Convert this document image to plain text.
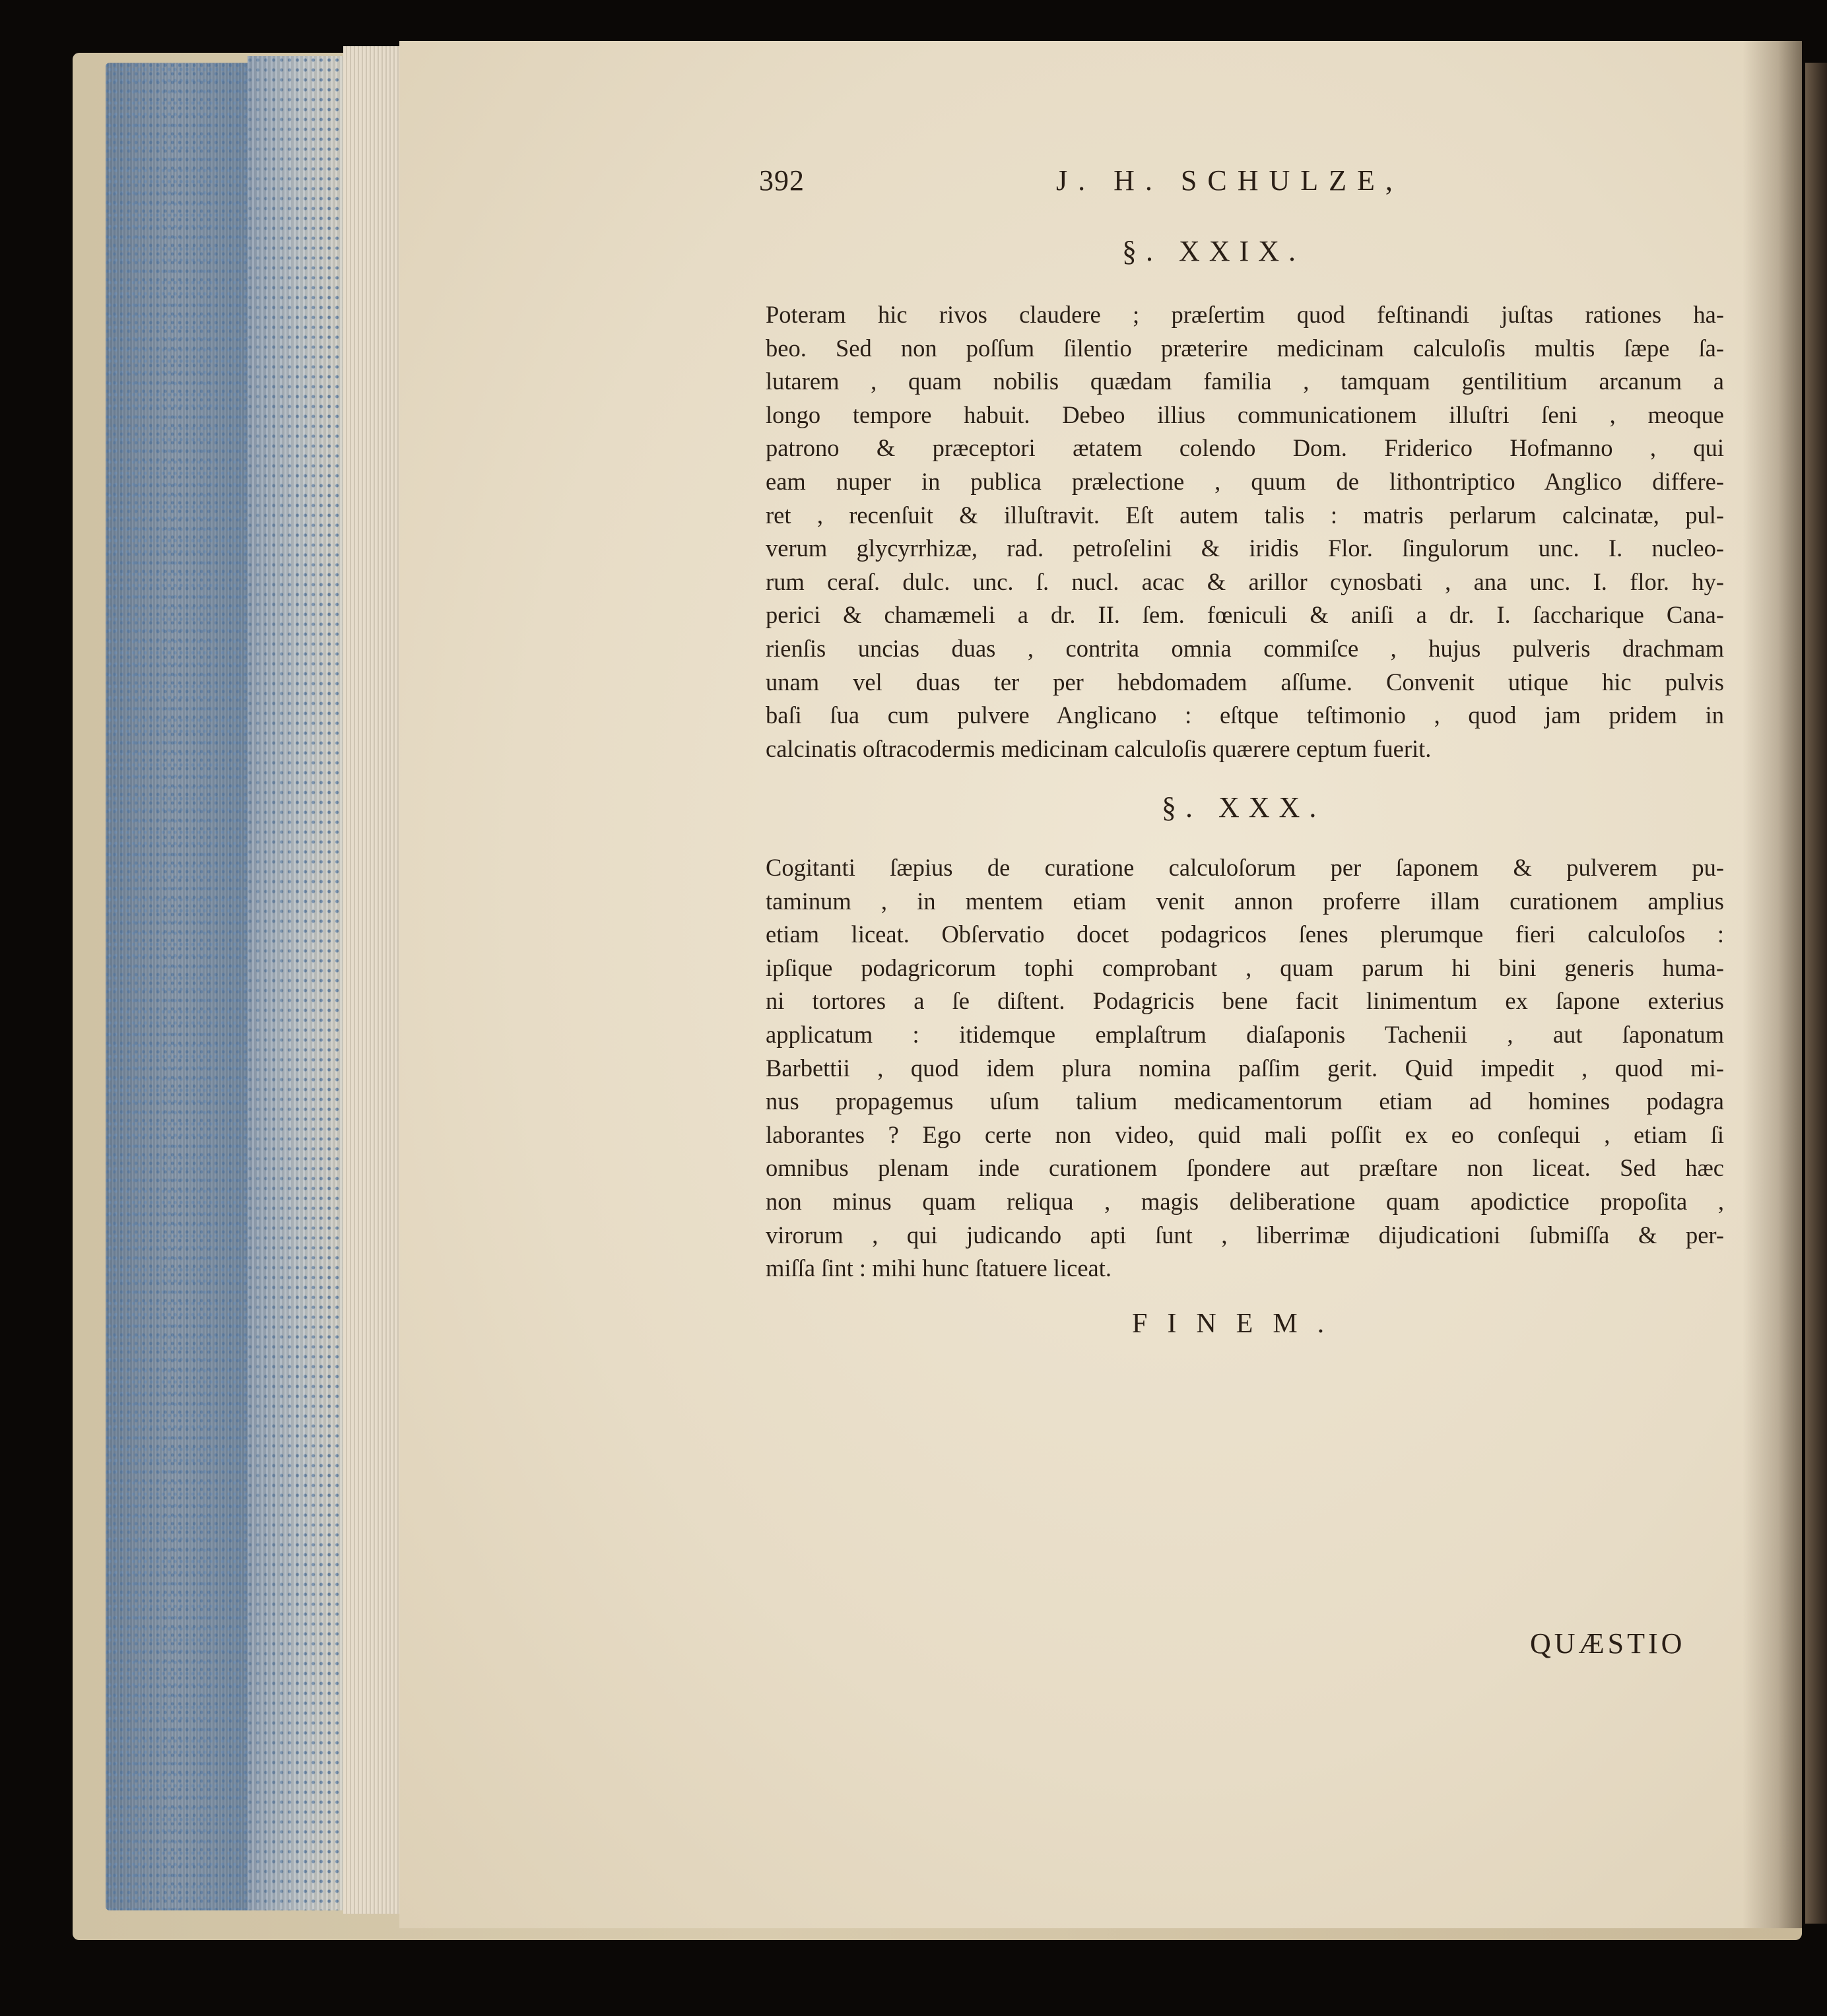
392	J. H. SCHULZE,
§. XXIX.
Poteram hic rivos claudere ; præſertim quod feſtinandi juſtas rationes ha-
beo. Sed non poſſum ſilentio præterire medicinam calculoſis multis ſæpe ſa-
lutarem , quam nobilis quædam familia , tamquam gentilitium arcanum a
longo tempore habuit. Debeo illius communicationem illuſtri ſeni , meoque
patrono & præceptori ætatem colendo Dom. Friderico Hofmanno , qui
eam nuper in publica prælectione , quum de lithontriptico Anglico differe-
ret , recenſuit & illuſtravit. Eſt autem talis : matris perlarum calcinatæ, pul-
verum glycyrrhizæ, rad. petroſelini & iridis Flor. ſingulorum unc. I. nucleo-
rum ceraſ. dulc. unc. ſ. nucl. acac & arillor cynosbati , ana unc. I. flor. hy-
perici & chamæmeli a dr. II. ſem. fœniculi & aniſi a dr. I. ſaccharique Cana-
rienſis uncias duas , contrita omnia commiſce , hujus pulveris drachmam
unam vel duas ter per hebdomadem aſſume. Convenit utique hic pulvis
baſi ſua cum pulvere Anglicano : eſtque teſtimonio , quod jam pridem in
calcinatis oſtracodermis medicinam calculoſis quærere ceptum fuerit.
§. XXX.
Cogitanti ſæpius de curatione calculoſorum per ſaponem & pulverem pu-
taminum , in mentem etiam venit annon proferre illam curationem amplius
etiam liceat. Obſervatio docet podagricos ſenes plerumque fieri calculoſos :
ipſique podagricorum tophi comprobant , quam parum hi bini generis huma-
ni tortores a ſe diſtent. Podagricis bene facit linimentum ex ſapone exterius
applicatum : itidemque emplaſtrum diaſaponis Tachenii , aut ſaponatum
Barbettii , quod idem plura nomina paſſim gerit. Quid impedit , quod mi-
nus propagemus uſum talium medicamentorum etiam ad homines podagra
laborantes ? Ego certe non video, quid mali poſſit ex eo conſequi , etiam ſi
omnibus plenam inde curationem ſpondere aut præſtare non liceat. Sed hæc
non minus quam reliqua , magis deliberatione quam apodictice propoſita ,
virorum , qui judicando apti ſunt , liberrimæ dijudicationi ſubmiſſa & per-
miſſa ſint : mihi hunc ſtatuere liceat.
FINEM.
QUÆSTIO
